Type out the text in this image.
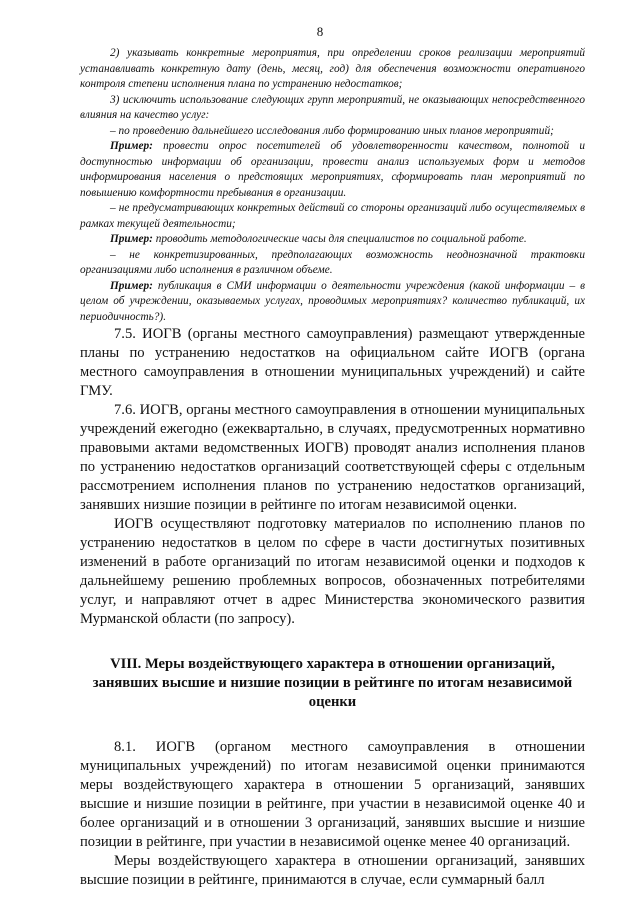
8

2) указывать конкретные мероприятия, при определении сроков реализации мероприятий устанавливать конкретную дату (день, месяц, год) для обеспечения возможности оперативного контроля степени исполнения плана по устранению недостатков;

3) исключить использование следующих групп мероприятий, не оказывающих непосредственного влияния на качество услуг:

– по проведению дальнейшего исследования либо формированию иных планов мероприятий;

Пример: провести опрос посетителей об удовлетворенности качеством, полнотой и доступностью информации об организации, провести анализ используемых форм и методов информирования населения о предстоящих мероприятиях, сформировать план мероприятий по повышению комфортности пребывания в организации.

– не предусматривающих конкретных действий со стороны организаций либо осуществляемых в рамках текущей деятельности;

Пример: проводить методологические часы для специалистов по социальной работе.

– не конкретизированных, предполагающих возможность неоднозначной трактовки организациями либо исполнения в различном объеме.

Пример: публикация в СМИ информации о деятельности учреждения (какой информации – в целом об учреждении, оказываемых услугах, проводимых мероприятиях? количество публикаций, их периодичность?).

7.5. ИОГВ (органы местного самоуправления) размещают утвержденные планы по устранению недостатков на официальном сайте ИОГВ (органа местного самоуправления в отношении муниципальных учреждений) и сайте ГМУ.

7.6. ИОГВ, органы местного самоуправления в отношении муниципальных учреждений ежегодно (ежеквартально, в случаях, предусмотренных нормативно правовыми актами ведомственных ИОГВ) проводят анализ исполнения планов по устранению недостатков организаций соответствующей сферы с отдельным рассмотрением исполнения планов по устранению недостатков организаций, занявших низшие позиции в рейтинге по итогам независимой оценки.

ИОГВ осуществляют подготовку материалов по исполнению планов по устранению недостатков в целом по сфере в части достигнутых позитивных изменений в работе организаций по итогам независимой оценки и подходов к дальнейшему решению проблемных вопросов, обозначенных потребителями услуг, и направляют отчет в адрес Министерства экономического развития Мурманской области (по запросу).

VIII. Меры воздействующего характера в отношении организаций, занявших высшие и низшие позиции в рейтинге по итогам независимой оценки

8.1. ИОГВ (органом местного самоуправления в отношении муниципальных учреждений) по итогам независимой оценки принимаются меры воздействующего характера в отношении 5 организаций, занявших высшие и низшие позиции в рейтинге, при участии в независимой оценке 40 и более организаций и в отношении 3 организаций, занявших высшие и низшие позиции в рейтинге, при участии в независимой оценке менее 40 организаций.

Меры воздействующего характера в отношении организаций, занявших высшие позиции в рейтинге, принимаются в случае, если суммарный балл
